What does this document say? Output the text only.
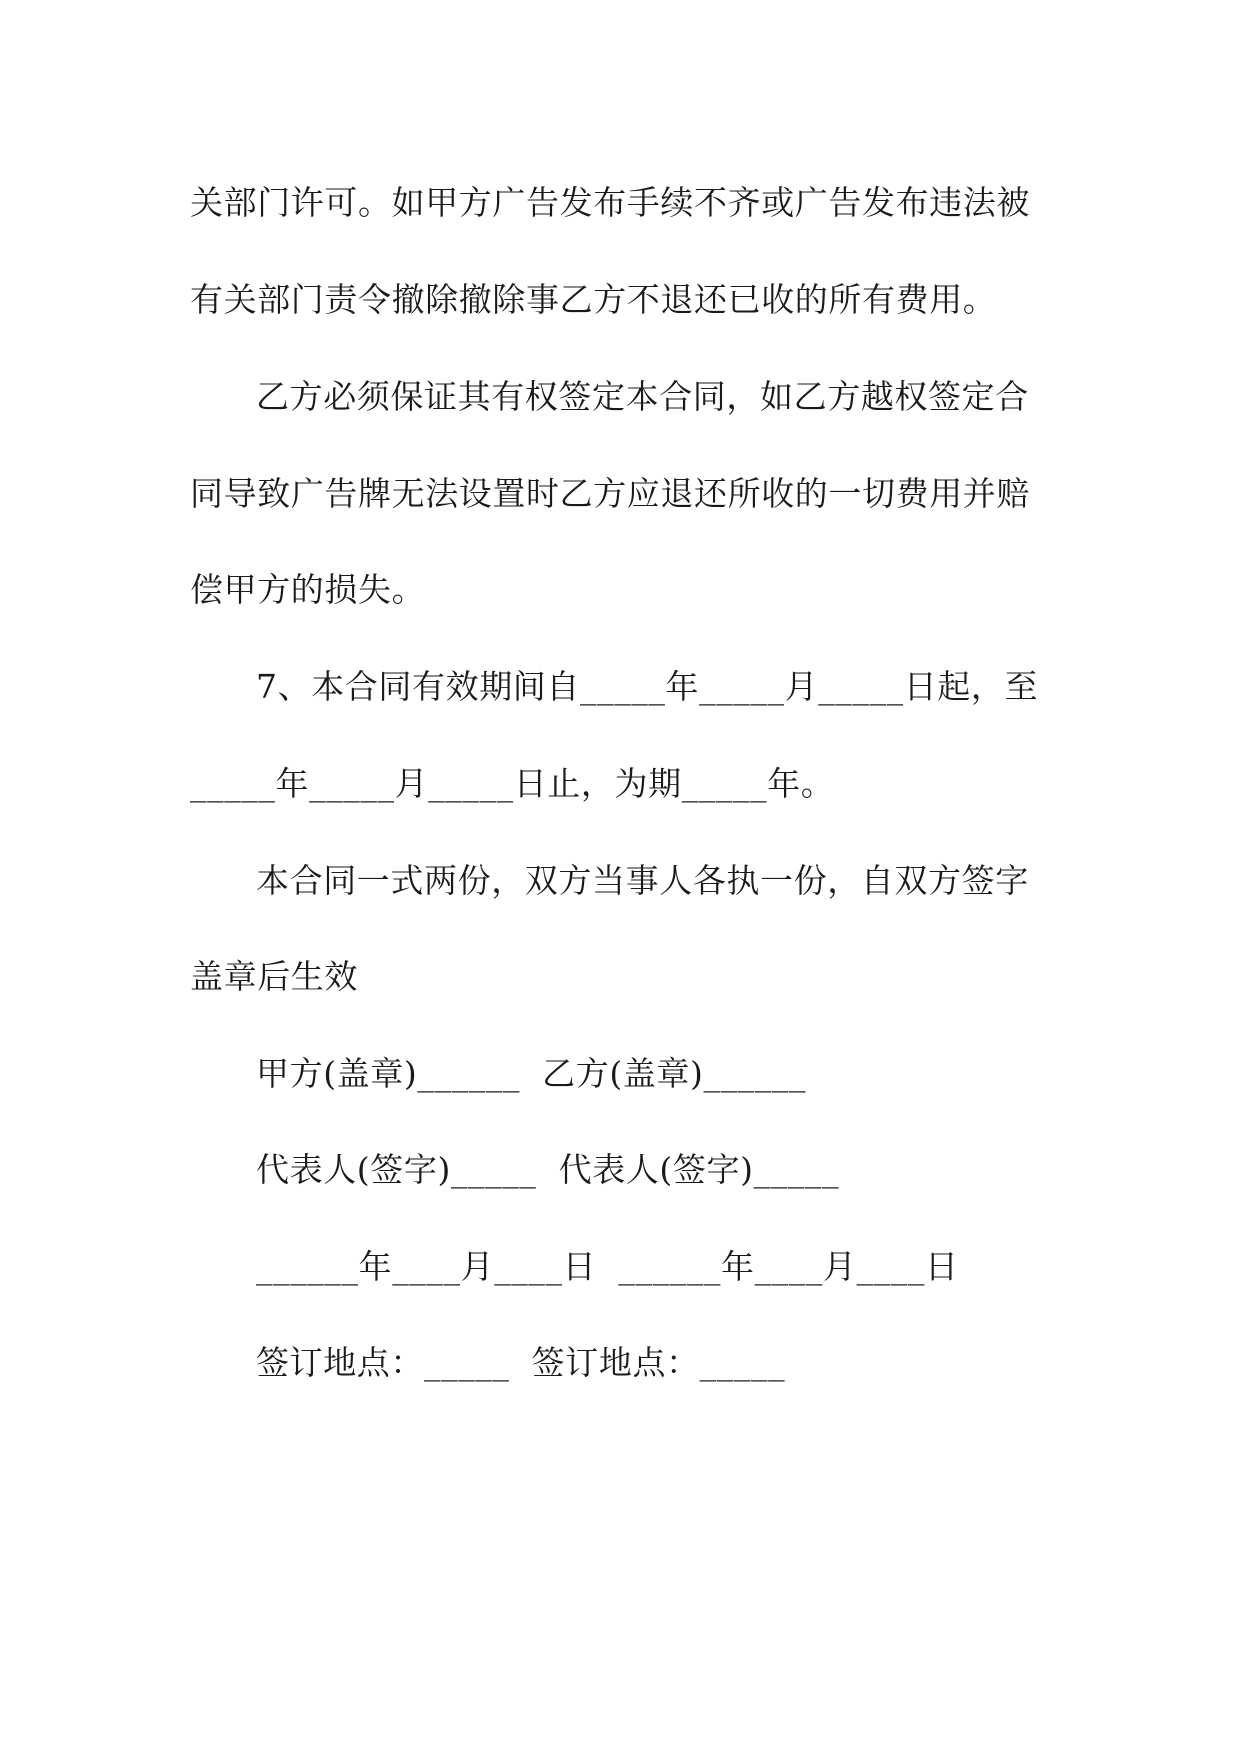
关部门许可。如甲方广告发布手续不齐或广告发布违法被
有关部门责令撤除撤除事乙方不退还已收的所有费用。
乙方必须保证其有权签定本合同，如乙方越权签定合
同导致广告牌无法设置时乙方应退还所收的一切费用并赔
偿甲方的损失。
7、本合同有效期间自_____年_____月_____日起，至
_____年_____月_____日止，为期_____年。
本合同一式两份，双方当事人各执一份，自双方签字
盖章后生效
甲方(盖章)______  乙方(盖章)______
代表人(签字)_____  代表人(签字)_____
______年____月____日  ______年____月____日
签订地点：_____  签订地点：_____
